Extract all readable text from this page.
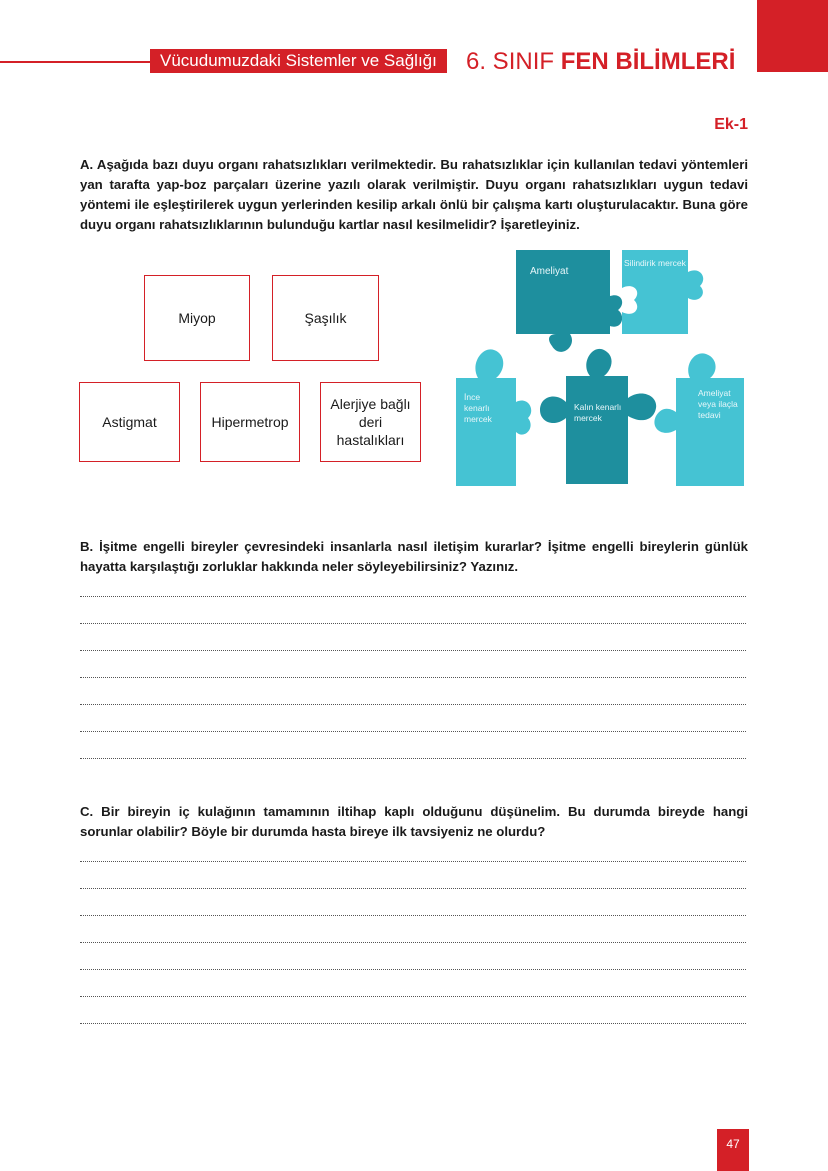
Vücudumuzdaki Sistemler ve Sağlığı	6. SINIF FEN BİLİMLERİ
Ek-1
A. Aşağıda bazı duyu organı rahatsızlıkları verilmektedir. Bu rahatsızlıklar için kullanılan tedavi yöntemleri yan tarafta yap-boz parçaları üzerine yazılı olarak verilmiştir. Duyu organı rahatsızlıkları uygun tedavi yöntemi ile eşleştirilerek uygun yerlerinden kesilip arkalı önlü bir çalışma kartı oluşturulacaktır. Buna göre duyu organı rahatsızlıklarının bulunduğu kartlar nasıl kesilmelidir? İşaretleyiniz.
Miyop	Şaşılık
Astigmat	Hipermetrop
Alerjiye bağlı deri hastalıkları
Ameliyat
Silindirik mercek
İnce kenarlı mercek
Kalın kenarlı mercek
Ameliyat veya ilaçla tedavi
B. İşitme engelli bireyler çevresindeki insanlarla nasıl iletişim kurarlar? İşitme engelli bireylerin günlük hayatta karşılaştığı zorluklar hakkında neler söyleyebilirsiniz? Yazınız.
C. Bir bireyin iç kulağının tamamının iltihap kaplı olduğunu düşünelim. Bu durumda bireyde hangi sorunlar olabilir? Böyle bir durumda hasta bireye ilk tavsiyeniz ne olurdu?
47
